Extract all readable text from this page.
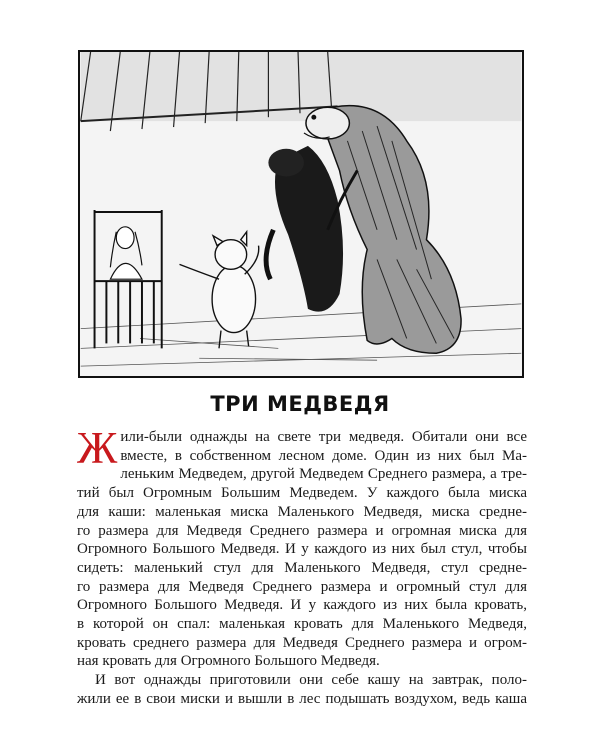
ТРИ МЕДВЕДЯ
Ж или-были однажды на свете три медведя. Обитали они все
вместе, в собственном лесном доме. Один из них был Ма-
леньким Медведем, другой Медведем Среднего размера, а тре-
тий был Огромным Большим Медведем. У каждого была миска
для каши: маленькая миска Маленького Медведя, миска средне-
го размера для Медведя Среднего размера и огромная миска для
Огромного Большого Медведя. И у каждого из них был стул, чтобы
сидеть: маленький стул для Маленького Медведя, стул средне-
го размера для Медведя Среднего размера и огромный стул для
Огромного Большого Медведя. И у каждого из них была кровать,
в которой он спал: маленькая кровать для Маленького Медведя,
кровать среднего размера для Медведя Среднего размера и огром-
ная кровать для Огромного Большого Медведя.
И вот однажды приготовили они себе кашу на завтрак, поло-
жили ее в свои миски и вышли в лес подышать воздухом, ведь каша
